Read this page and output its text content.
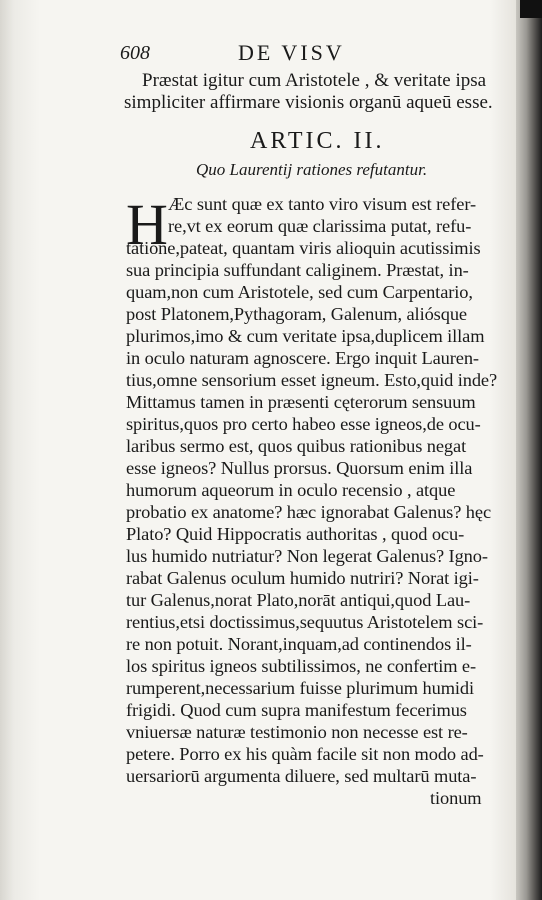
608	DE VISV
Præstat igitur cum Aristotele , & veritate ipsa
simpliciter affirmare visionis organū aqueū esse.
ARTIC. II.
Quo Laurentij rationes refutantur.
H Æc sunt quæ ex tanto viro visum est refer-
re,vt ex eorum quæ clarissima putat, refu-
tatione,pateat, quantam viris alioquin acutissimis
sua principia suffundant caliginem. Præstat, in-
quam,non cum Aristotele, sed cum Carpentario,
post Platonem,Pythagoram, Galenum, aliósque
plurimos,imo & cum veritate ipsa,duplicem illam
in oculo naturam agnoscere. Ergo inquit Lauren-
tius,omne sensorium esset igneum. Esto,quid inde?
Mittamus tamen in præsenti cęterorum sensuum
spiritus,quos pro certo habeo esse igneos,de ocu-
laribus sermo est, quos quibus rationibus negat
esse igneos? Nullus prorsus. Quorsum enim illa
humorum aqueorum in oculo recensio , atque
probatio ex anatome? hæc ignorabat Galenus? hęc
Plato? Quid Hippocratis authoritas , quod ocu-
lus humido nutriatur? Non legerat Galenus? Igno-
rabat Galenus oculum humido nutriri? Norat igi-
tur Galenus,norat Plato,norāt antiqui,quod Lau-
rentius,etsi doctissimus,sequutus Aristotelem sci-
re non potuit. Norant,inquam,ad continendos il-
los spiritus igneos subtilissimos, ne confertim e-
rumperent,necessarium fuisse plurimum humidi
frigidi. Quod cum supra manifestum fecerimus
vniuersæ naturæ testimonio non necesse est re-
petere. Porro ex his quàm facile sit non modo ad-
uersariorū argumenta diluere, sed multarū muta-
tionum
